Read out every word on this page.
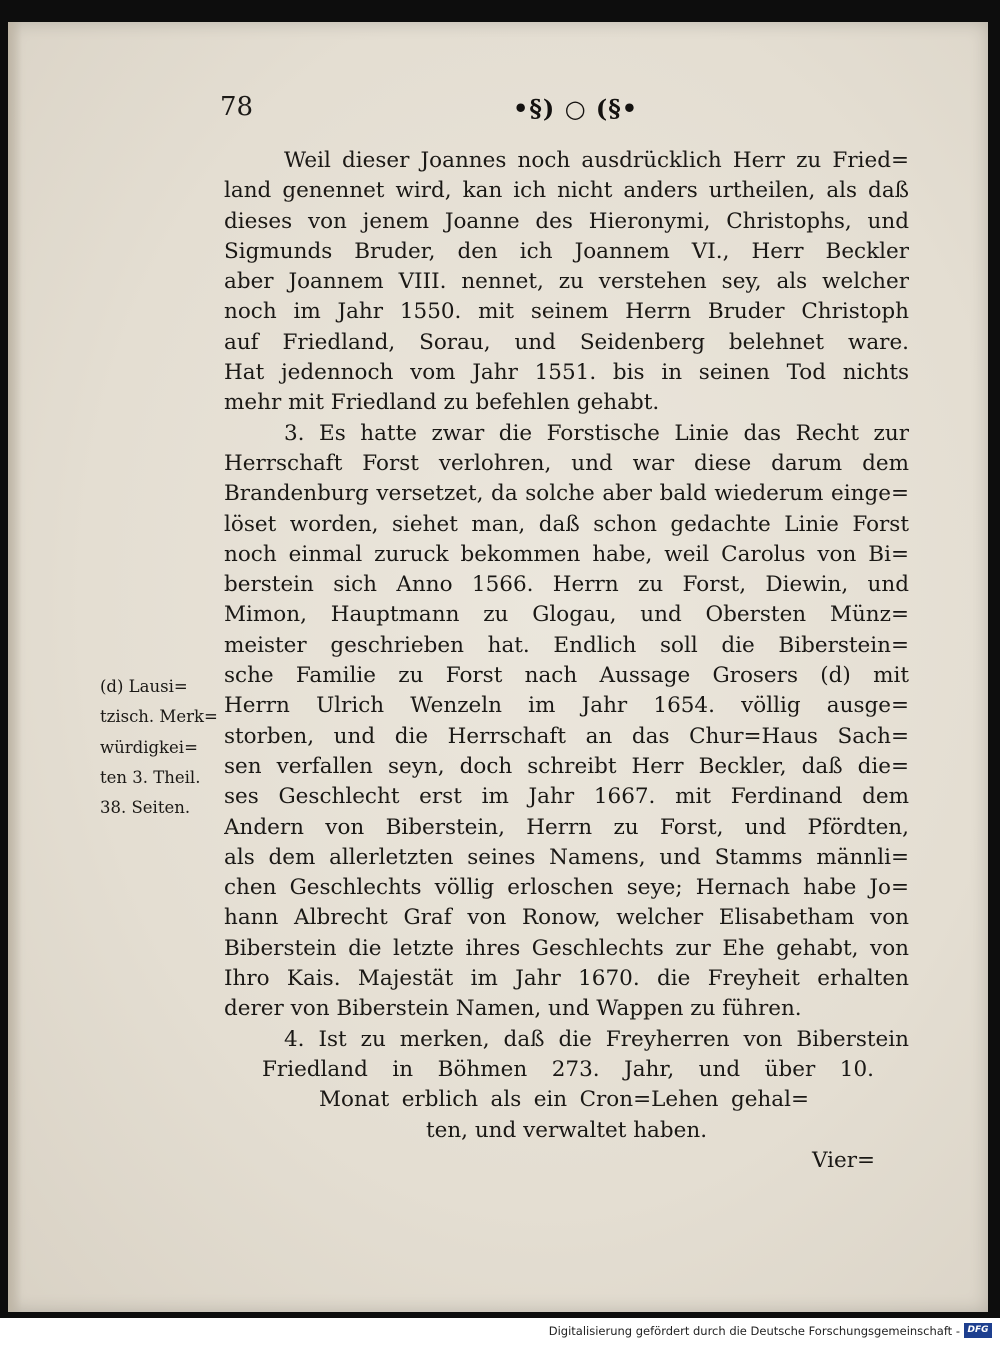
78	•§) ○ (§•
Weil dieser Joannes noch ausdrücklich Herr zu Fried=
land genennet wird, kan ich nicht anders urtheilen, als daß
dieses von jenem Joanne des Hieronymi, Christophs, und
Sigmunds Bruder, den ich Joannem VI., Herr Beckler
aber Joannem VIII. nennet, zu verstehen sey, als welcher
noch im Jahr 1550. mit seinem Herrn Bruder Christoph
auf Friedland, Sorau, und Seidenberg belehnet ware.
Hat jedennoch vom Jahr 1551. bis in seinen Tod nichts
mehr mit Friedland zu befehlen gehabt.
3. Es hatte zwar die Forstische Linie das Recht zur
Herrschaft Forst verlohren, und war diese darum dem
Brandenburg versetzet, da solche aber bald wiederum einge=
löset worden, siehet man, daß schon gedachte Linie Forst
noch einmal zuruck bekommen habe, weil Carolus von Bi=
berstein sich Anno 1566. Herrn zu Forst, Diewin, und
Mimon, Hauptmann zu Glogau, und Obersten Münz=
meister geschrieben hat. Endlich soll die Biberstein=
sche Familie zu Forst nach Aussage Grosers (d) mit
Herrn Ulrich Wenzeln im Jahr 1654. völlig ausge=
storben, und die Herrschaft an das Chur=Haus Sach=
sen verfallen seyn, doch schreibt Herr Beckler, daß die=
ses Geschlecht erst im Jahr 1667. mit Ferdinand dem
Andern von Biberstein, Herrn zu Forst, und Pfördten,
als dem allerletzten seines Namens, und Stamms männli=
chen Geschlechts völlig erloschen seye; Hernach habe Jo=
hann Albrecht Graf von Ronow, welcher Elisabetham von
Biberstein die letzte ihres Geschlechts zur Ehe gehabt, von
Ihro Kais. Majestät im Jahr 1670. die Freyheit erhalten
derer von Biberstein Namen, und Wappen zu führen.
4. Ist zu merken, daß die Freyherren von Biberstein
Friedland in Böhmen 273. Jahr, und über 10.
Monat erblich als ein Cron=Lehen gehal=
ten, und verwaltet haben.
(d) Lausi=
tzisch. Merk=
würdigkei=
ten 3. Theil.
38. Seiten.
Vier=
Digitalisierung gefördert durch die Deutsche Forschungsgemeinschaft - DFG
